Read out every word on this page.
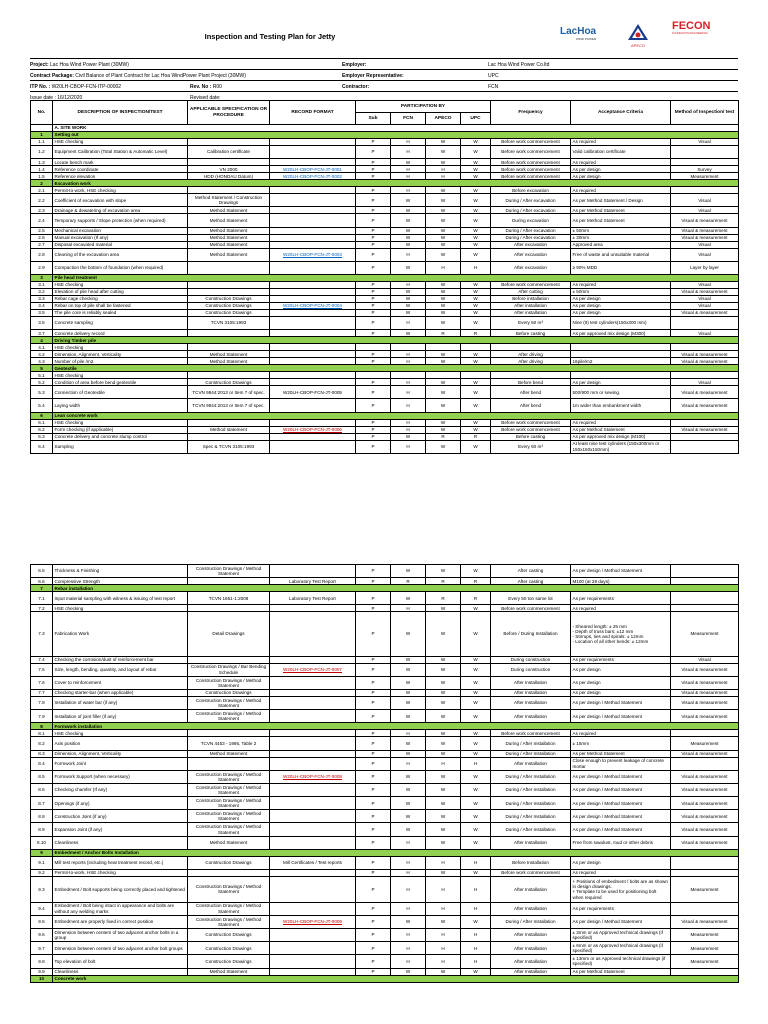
Inspection and Testing Plan for Jetty	LacHoa
WIND POWER
APECO
FECON
FOUNDATION ENGINEERING
Project: Lac Hoa Wind Power Plant (30MW)	Employer:	Lac Hoa Wind Power Co.ltd
Contract Package: Civil Balance of Plant Contract for Lac Hoa WindPower Plant Project (30MW)	Employer Representative:	UPC
ITP No. : W20LH-CBOP-FCN-ITP-00002	Rev. No : R00	Contractor:	FCN
Issue date : 16/12/2020	Revised date:
No.	DESCRIPTION OF INSPECTION/TEST	APPLICABLE SPECIFICATION OR PROCEDURE	RECORD FORMAT	PARTICIPATION BY				Frequency	Acceptance Criteria	Method of Inspection/ test
				Sub	FCN	APECO	UPC			
	A. SITE WORK									
1	Setting out									
1.1	HSE checking			P	H	W	W	Before work commencement	As required	Visual
1.2	Equipment Calibration (Total Station & Automatic Level)	Calibration certificate		P	H	W	W	Before work commencement	Valid calibration certificate	
1.3	Locate bench mark			P	W	W	W	Before work commencement	As required	
1.4	Reference coordinate	VN 2000	W20LH-CBOP-FCN-JT-0001	P	H	H	W	Before work commencement	As per design	Survey
1.5	Reference elevation	HDD (HONDAU Datum)	W20LH-CBOP-FCN-JT-0002	P	H	H	W	Before work commencement	As per design	Measurement
2	Excavation work									
2.1	Permit-to-work, HSE checking			P	H	W	W	Before excavation	As required	
2.2	Coefficient of excavation with slope	Method Statement / Construction Drawings		P	W	W	W	During / After excavation	As per Method Statement / Design	Visual
2.3	Drainage & dewatering of excavation area	Method Statement		P	W	W	W	During / After excavation	As per Method Statement	Visual
2.4	Temporary supports / Slope protection (when required)	Method Statement		P	W	W	W	During excavation	As per Method Statement	Visual & measurement
2.5	Mechanical excavation	Method Statement		P	W	W	W	During / After excavation	± 50mm	Visual & measurement
2.6	Manual excavation (If any)	Method Statement		P	W	W	W	During / After excavation	± 30mm	Visual & measurement
2.7	Disposal excavated material	Method Statement		P	W	W	W	After excavation	Approved area	Visual
2.8	Cleaning of the excavation area	Method Statement	W20LH-CBOP-FCN-JT-0003	P	H	W	W	After excavation	Free of waste and unsuitable material	Visual
2.9	Compaction the bottom of foundation (when required)			P	W	H	H	After excavation	≥ 90% MDD	Layer by layer
3	Pile head treatment									
3.1	HSE checking			P	H	W	W	Before work commencement	As required	Visual
3.2	Elevation of pile head after cutting			P	W	W	W	After cutting	± 50mm	Visual & measurement
3.3	Rebar cage checking	Construction Drawings		P	W	W	W	Before installation	As per design	Visual
3.4	Rebar on top of pile shall be fastened	Construction Drawings	W20LH-CBOP-FCN-JT-0004	P	W	W	W	After installation	As per design	Visual
3.5	The pile core is reliably sealed	Construction Drawings		P	W	W	W	After installation	As per design	Visual & measurement
3.6	Concrete sampling	TCVN 3105:1993		P	H	W	W	Every 50 m³	Nine (9) test cylinders(150x300 mm)	
3.7	Concrete delivery record			P	W	R	R	Before casting	As per approved mix design (M300)	Visual
4	Driving Timber pile									
4.1	HSE checking									
4.2	Dimension, Alignment, Verticality	Method Statement		P	H	W	W	After driving		Visual & measurement
4.3	Number of pile /m2	Method Statement		P	H	W	W	After driving	16pile/m2	Visual & measurement
5	Geotextile									
5.1	HSE checking									
5.2	Condition of area before bend geotextile	Construction Drawings		P	H	W	W	Before bend	As per design	Visual
5.3	Connection of Geotextile	TCVN 9844:2013 or Item 7 of spec.	W20LH-CBOP-FCN-JT-0005	P	H	W	W	After bend	500/900 mm or sewing.	Visual & measurement
5.4	Laying width	TCVN 9844:2013 or Item 7 of spec.		P	H	W	W	After bend	1m wider than embankment width	Visual & measurement
6	Lean concrete work									
6.1	HSE checking			P	H	W	W	Before work commencement	As required	
6.2	Form checking (if applicable)	Method statement	W20LH-CBOP-FCN-JT-0006	P	H	W	W	Before work commencement	As per Method Statement	Visual & measurement
6.3	Concrete delivery and concrete slump control			P	W	R	R	Before casting	As per approved mix design (M100)	
6.4	Sampling	Spec & TCVN 3105:1993		P	H	W	W	Every 50 m³	At least nine test cylinders (150x300mm or 150x150x150mm)	
6.5	Thickness & Finishing	Construction Drawings / Method Statement		P	W	W	W	After casting	As per design / Method Statement	
6.6	Compressive Strength		Laboratory Test Report	P	R	R	R	After casting	M100 (at 28 days)	
7	Rebar installation									
7.1	Input material sampling with witness & issuing of test report	TCVN 1651-1:2008	Laboratory Test Report	P	W	R	R	Every 50 ton same lot	As per requirements	
7.2	HSE checking			P	H	W	W	Before work commencement	As required	
7.3	Fabrication Work	Detail Drawings		P	W	W	W	Before / During Installation	- Sheared length: ± 25 mm
- Depth of truss bars: ±12 mm
- Stirrups, ties and spirals: ± 12mm
- Location of all other bends: ± 12mm	Measurement
7.4	Checking the corrosion/dust of reinforcement bar			P	W	W	W	During construction	As per requirements	Visual
7.5	Size, length, bending, quantity, and layout of rebar	Construction Drawings / Bar Bending Schedule	W20LH-CBOP-FCN-JT-0007	P	W	W	W	During construction	As per design	Visual & measurement
7.6	Cover to reinforcement	Construction Drawings / Method Statement		P	W	W	W	After Installation	As per design	Visual & measurement
7.7	Checking starter-bar (when applicable)	Construction Drawings		P	W	W	W	After Installation	As per design	Visual & measurement
7.8	Installation of water bar (if any)	Construction Drawings / Method Statement		P	W	W	W	After Installation	As per design / Method Statement	Visual & measurement
7.9	Installation of joint filler (if any)	Construction Drawings / Method Statement		P	W	W	W	After Installation	As per design / Method Statement	Visual & measurement
8	Formwork installation									
8.1	HSE checking			P	H	W	W	Before work commencement	As required	
8.2	Axis position	TCVN 4453 - 1995, Table 2		P	W	W	W	During / After Installation	± 15mm	Measurement
8.3	Dimension, Alignment, Verticality	Method Statement		P	W	W	W	During / After Installation	As per Method Statement	Visual & measurement
8.4	Formwork Joint			P	H	H	H	After Installation	Close enough to prevent leakage of concrete mortar	
8.5	Formwork Support (when necessary)	Construction Drawings / Method Statement	W20LH-CBOP-FCN-JT-0008	P	W	W	W	During / After Installation	As per design / Method Statement	Visual & measurement
8.6	Checking chamfer (If any)	Construction Drawings / Method Statement		P	W	W	W	During / After Installation	As per design / Method Statement	Visual & measurement
8.7	Openings (if any)	Construction Drawings / Method Statement		P	W	W	W	During / After Installation	As per design / Method Statement	Visual & measurement
8.8	Construction Joint (if any)	Construction Drawings / Method Statement		P	W	W	W	During / After Installation	As per design / Method Statement	Visual & measurement
8.9	Expansion Joint (if any)	Construction Drawings / Method Statement		P	W	W	W	During / After Installation	As per design / Method Statement	Visual & measurement
8.10	Cleanliness	Method Statement		P	H	W	W	After Installation	Free from sawdust, mud or other debris	Visual & measurement
9	Embedment / Anchor Bolts Installation									
9.1	Mill test reports (including heat treatment record, etc.)	Construction Drawings	Mill Certificates / Test reports	P	H	H	H	Before Installation	As per design	
9.2	Permit-to-work, HSE checking			P	H	W	W	Before work commencement	As required	
9.3	Embedment / Bolt supports being correctly placed and tightened	Construction Drawings / Method Statement		P	H	H	H	After Installation	+ Positions of embedment / bolts are as shown in design drawings.
+ Template to be used for positioning bolt when required	Measurement
9.4	Embedment / Bolt being intact in appearance and bolts are without any welding marks	Construction Drawings / Method Statement		P	H	H	H	After Installation	As per requirements	
9.5	Embedment are properly fixed in correct position	Construction Drawings / Method Statement	W20LH-CBOP-FCN-JT-0009	P	W	W	W	During / After Installation	As per design / Method Statement	Visual & measurement
9.6	Dimension between centers of two adjacent anchor bolts in a group	Construction Drawings		P	H	H	H	After Installation	± 3mm or as Approved technical drawings (if specified)	Measurement
9.7	Dimension between centers of two adjacent anchor bolt groups	Construction Drawings		P	H	H	H	After Installation	± 6mm or as Approved technical drawings (if specified)	Measurement
9.8	Top elevation of bolt	Construction Drawings		P	H	H	H	After Installation	± 13mm or as Approved technical drawings (if specified)	Measurement
9.9	Cleanliness	Method Statement		P	W	W	W	After Installation	As per Method Statement	
10	Concrete work									
